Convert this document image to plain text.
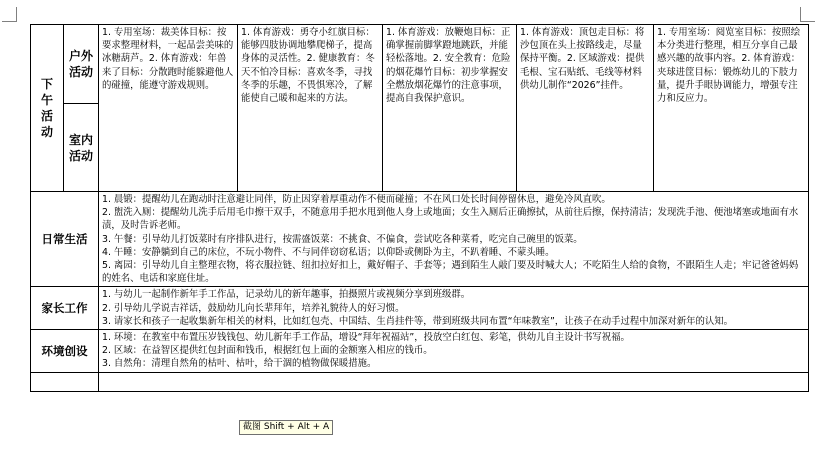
下午活动	户外活动	1. 专用室场：裁美体目标：按要求整理材料，一起品尝美味的冰糖葫芦。2. 体育游戏：年兽来了目标：分散跑时能躲避他人的碰撞，能遵守游戏规则。	1. 体育游戏：勇夺小红旗目标：能够四肢协调地攀爬梯子，提高身体的灵活性。2. 健康教育：冬天不怕冷目标：喜欢冬季，寻找冬季的乐趣，不畏惧寒冷，了解能使自己暖和起来的方法。	1. 体育游戏：放鞭炮目标：正确掌握前脚掌蹬地跳跃，并能轻松落地。2. 安全教育：危险的烟花爆竹目标：初步掌握安全燃放烟花爆竹的注意事项，提高自我保护意识。	1. 体育游戏：顶包走目标：将沙包顶在头上按路线走，尽量保持平衡。2. 区域游戏：提供毛根、宝石贴纸、毛线等材料供幼儿制作“2026”挂件。	1. 专用室场：阅览室目标：按照绘本分类进行整理，相互分享自己最感兴趣的故事内容。2. 体育游戏：夹球进筐目标：锻炼幼儿的下肢力量，提升手眼协调能力，增强专注力和反应力。

	室内活动					

日常生活		1. 晨锻：提醒幼儿在跑动时注意避让同伴，防止因穿着厚重动作不便而碰撞；不在风口处长时间停留休息，避免冷风直吹。
2. 盥洗入厕：提醒幼儿洗手后用毛巾擦干双手，不随意用手把水甩到他人身上或地面；女生入厕后正确擦拭，从前往后擦，保持清洁；发现洗手池、便池堵塞或地面有水渍，及时告诉老师。
3. 午餐：引导幼儿打饭菜时有序排队进行，按需盛饭菜：不挑食、不偏食，尝试吃各种菜肴，吃完自己碗里的饭菜。
4. 午睡：安静躺到自己的床位，不玩小物件、不与同伴窃窃私语；以仰卧或侧卧为主，不趴着睡、不蒙头睡。
5. 离园：引导幼儿自主整理衣物，将衣服拉链、纽扣拉好扣上，戴好帽子、手套等；遇到陌生人敲门要及时喊大人；不吃陌生人给的食物，不跟陌生人走；牢记爸爸妈妈的姓名、电话和家庭住址。				

家长工作		1. 与幼儿一起制作新年手工作品，记录幼儿的新年趣事，拍摄照片或视频分享到班级群。
2. 引导幼儿学说吉祥话，鼓励幼儿向长辈拜年，培养礼貌待人的好习惯。
3. 请家长和孩子一起收集新年相关的材料，比如红包壳、中国结、生肖挂件等，带到班级共同布置“年味教室”，让孩子在动手过程中加深对新年的认知。				

环境创设		1. 环境：在教室中布置压岁钱钱包、幼儿新年手工作品，增设“拜年祝福站”，投放空白红包、彩笔，供幼儿自主设计书写祝福。
2. 区域：在益智区提供红包封面和钱币，根据红包上面的金额塞入相应的钱币。
3. 自然角：清理自然角的枯叶、枯叶，给干涸的植物做保暖措施。				

截图 Shift + Alt + A
